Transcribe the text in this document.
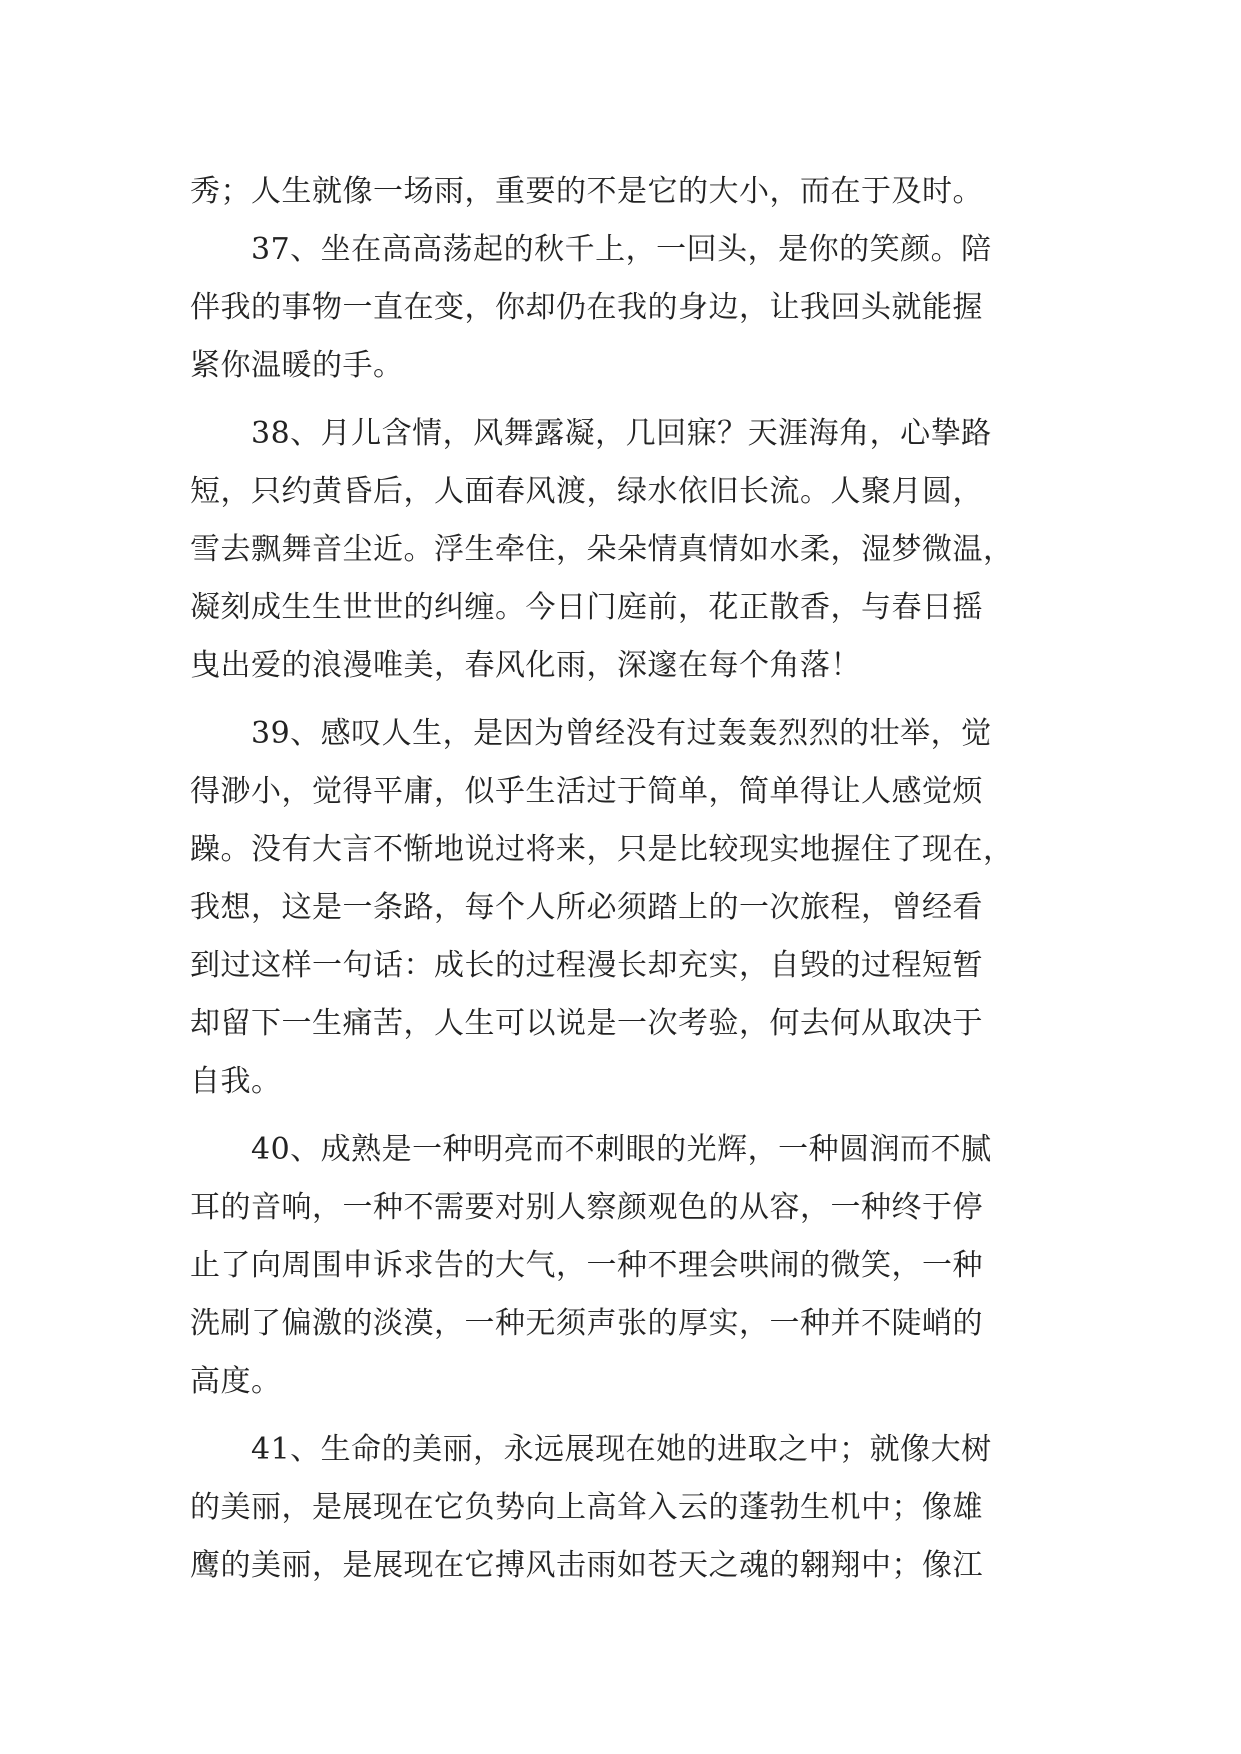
秀；人生就像一场雨，重要的不是它的大小，而在于及时。
　　37、坐在高高荡起的秋千上，一回头，是你的笑颜。陪
伴我的事物一直在变，你却仍在我的身边，让我回头就能握
紧你温暖的手。
　　38、月儿含情，风舞露凝，几回寐？天涯海角，心挚路
短，只约黄昏后，人面春风渡，绿水依旧长流。人聚月圆，
雪去飘舞音尘近。浮生牵住，朵朵情真情如水柔，湿梦微温，
凝刻成生生世世的纠缠。今日门庭前，花正散香，与春日摇
曳出爱的浪漫唯美，春风化雨，深邃在每个角落！
　　39、感叹人生，是因为曾经没有过轰轰烈烈的壮举，觉
得渺小，觉得平庸，似乎生活过于简单，简单得让人感觉烦
躁。没有大言不惭地说过将来，只是比较现实地握住了现在，
我想，这是一条路，每个人所必须踏上的一次旅程，曾经看
到过这样一句话：成长的过程漫长却充实，自毁的过程短暂
却留下一生痛苦，人生可以说是一次考验，何去何从取决于
自我。
　　40、成熟是一种明亮而不刺眼的光辉，一种圆润而不腻
耳的音响，一种不需要对别人察颜观色的从容，一种终于停
止了向周围申诉求告的大气，一种不理会哄闹的微笑，一种
洗刷了偏激的淡漠，一种无须声张的厚实，一种并不陡峭的
高度。
　　41、生命的美丽，永远展现在她的进取之中；就像大树
的美丽，是展现在它负势向上高耸入云的蓬勃生机中；像雄
鹰的美丽，是展现在它搏风击雨如苍天之魂的翱翔中；像江
